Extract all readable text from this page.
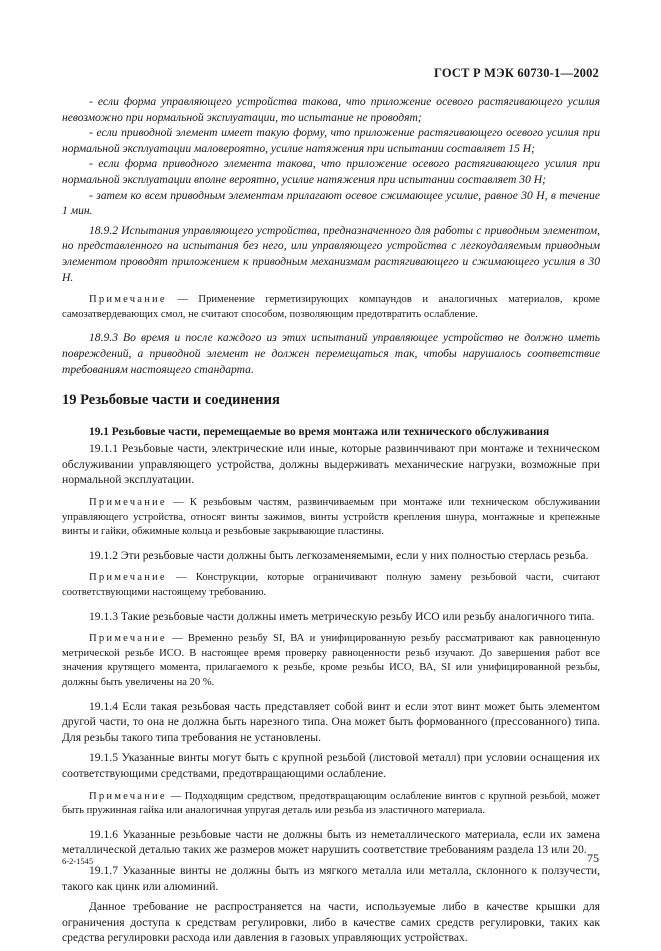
ГОСТ Р МЭК 60730-1—2002

- если форма управляющего устройства такова, что приложение осевого растягивающего усилия невозможно при нормальной эксплуатации, то испытание не проводят;

- если приводной элемент имеет такую форму, что приложение растягивающего осевого усилия при нормальной эксплуатации маловероятно, усилие натяжения при испытании составляет 15 Н;

- если форма приводного элемента такова, что приложение осевого растягивающего усилия при нормальной эксплуатации вполне вероятно, усилие натяжения при испытании составляет 30 Н;

- затем ко всем приводным элементам прилагают осевое сжимающее усилие, равное 30 Н, в течение 1 мин.

18.9.2 Испытания управляющего устройства, предназначенного для работы с приводным элементом, но представленного на испытания без него, или управляющего устройства с легкоудаляемым приводным элементом проводят приложением к приводным механизмам растягивающего и сжимающего усилия в 30 Н.

Примечание — Применение герметизирующих компаундов и аналогичных материалов, кроме самозатвердевающих смол, не считают способом, позволяющим предотвратить ослабление.

18.9.3 Во время и после каждого из этих испытаний управляющее устройство не должно иметь повреждений, а приводной элемент не должен перемещаться так, чтобы нарушалось соответствие требованиям настоящего стандарта.

19 Резьбовые части и соединения
19.1 Резьбовые части, перемещаемые во время монтажа или технического обслуживания

19.1.1 Резьбовые части, электрические или иные, которые развинчивают при монтаже и техническом обслуживании управляющего устройства, должны выдерживать механические нагрузки, возможные при нормальной эксплуатации.

Примечание — К резьбовым частям, развинчиваемым при монтаже или техническом обслуживании управляющего устройства, относят винты зажимов, винты устройств крепления шнура, монтажные и крепежные винты и гайки, обжимные кольца и резьбовые закрывающие пластины.

19.1.2 Эти резьбовые части должны быть легкозаменяемыми, если у них полностью стерлась резьба.

Примечание — Конструкции, которые ограничивают полную замену резьбовой части, считают соответствующими настоящему требованию.

19.1.3 Такие резьбовые части должны иметь метрическую резьбу ИСО или резьбу аналогичного типа.

Примечание — Временно резьбу SI, ВА и унифицированную резьбу рассматривают как равноценную метрической резьбе ИСО. В настоящее время проверку равноценности резьб изучают. До завершения работ все значения крутящего момента, прилагаемого к резьбе, кроме резьбы ИСО, ВА, SI или унифицированной резьбы, должны быть увеличены на 20 %.

19.1.4 Если такая резьбовая часть представляет собой винт и если этот винт может быть элементом другой части, то она не должна быть нарезного типа. Она может быть формованного (прессованного) типа. Для резьбы такого типа требования не установлены.

19.1.5 Указанные винты могут быть с крупной резьбой (листовой металл) при условии оснащения их соответствующими средствами, предотвращающими ослабление.

Примечание — Подходящим средством, предотвращающим ослабление винтов с крупной резьбой, может быть пружинная гайка или аналогичная упругая деталь или резьба из эластичного материала.

19.1.6 Указанные резьбовые части не должны быть из неметаллического материала, если их замена металлической деталью таких же размеров может нарушить соответствие требованиям раздела 13 или 20.

19.1.7 Указанные винты не должны быть из мягкого металла или металла, склонного к ползучести, такого как цинк или алюминий.

Данное требование не распространяется на части, используемые либо в качестве крышки для ограничения доступа к средствам регулировки, либо в качестве самих средств регулировки, таких как средства регулировки расхода или давления в газовых управляющих устройствах.

6-2-1545	75
